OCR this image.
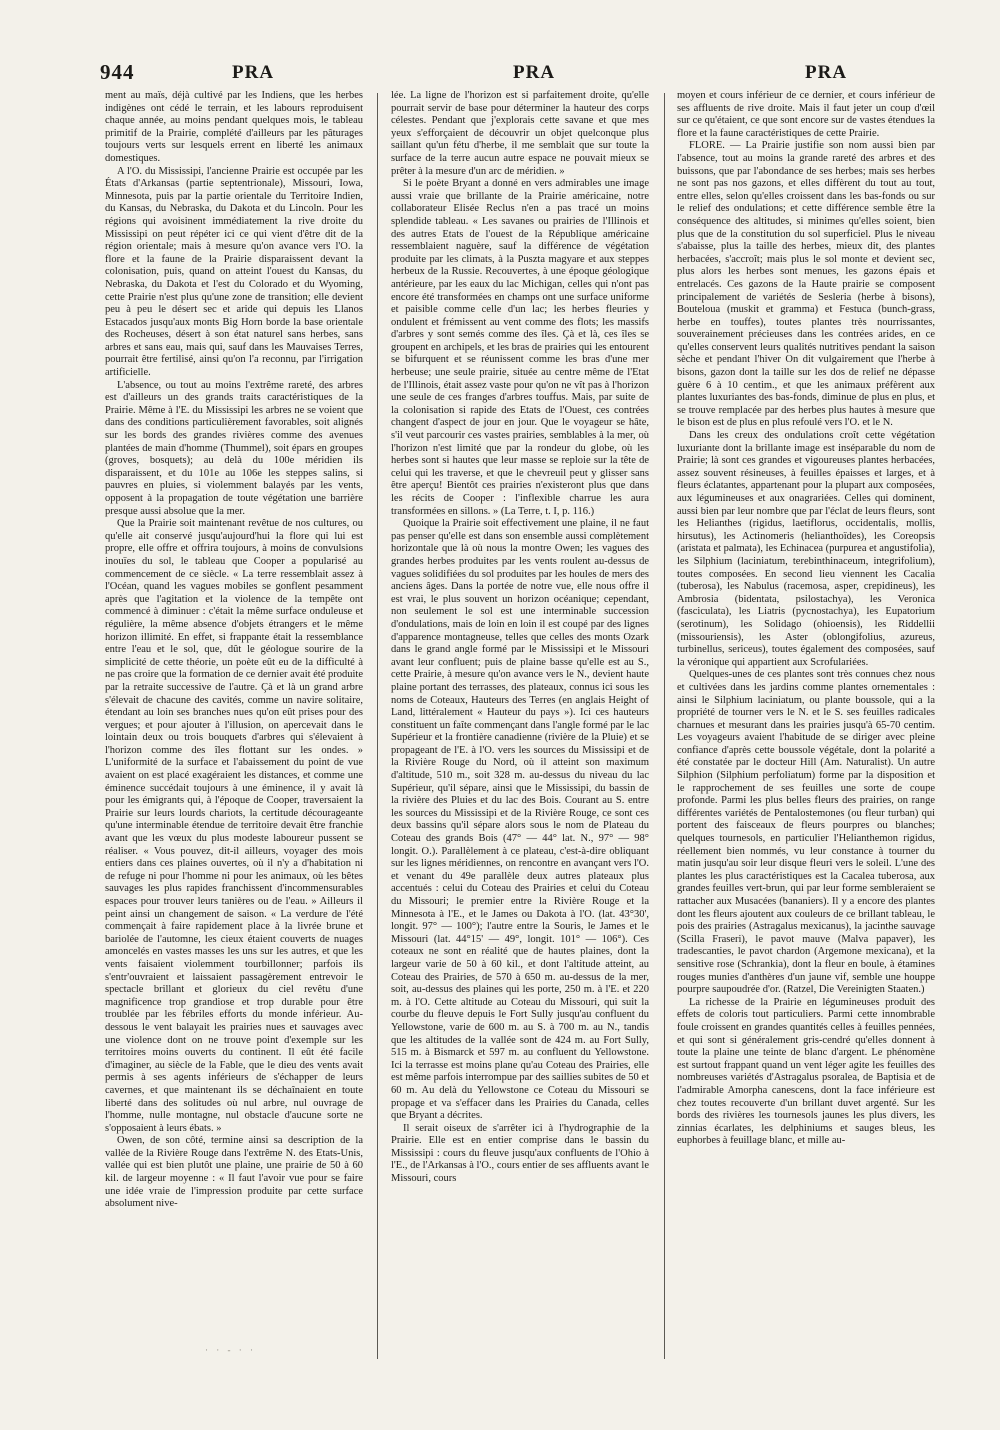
944	PRA	PRA	PRA

ment au maïs, déjà cultivé par les Indiens, que les herbes indigènes ont cédé le terrain, et les labours reproduisent chaque année, au moins pendant quelques mois, le tableau primitif de la Prairie, complété d'ailleurs par les pâturages toujours verts sur lesquels errent en liberté les animaux domestiques.

A l'O. du Mississipi, l'ancienne Prairie est occupée par les États d'Arkansas (partie septentrionale), Missouri, Iowa, Minnesota, puis par la partie orientale du Territoire Indien, du Kansas, du Nebraska, du Dakota et du Lincoln. Pour les régions qui avoisinent immédiatement la rive droite du Mississipi on peut répéter ici ce qui vient d'être dit de la région orientale; mais à mesure qu'on avance vers l'O. la flore et la faune de la Prairie disparaissent devant la colonisation, puis, quand on atteint l'ouest du Kansas, du Nebraska, du Dakota et l'est du Colorado et du Wyoming, cette Prairie n'est plus qu'une zone de transition; elle devient peu à peu le désert sec et aride qui depuis les Llanos Estacados jusqu'aux monts Big Horn borde la base orientale des Rocheuses, désert à son état naturel sans herbes, sans arbres et sans eau, mais qui, sauf dans les Mauvaises Terres, pourrait être fertilisé, ainsi qu'on l'a reconnu, par l'irrigation artificielle.

L'absence, ou tout au moins l'extrême rareté, des arbres est d'ailleurs un des grands traits caractéristiques de la Prairie. Même à l'E. du Mississipi les arbres ne se voient que dans des conditions particulièrement favorables, soit alignés sur les bords des grandes rivières comme des avenues plantées de main d'homme (Thummel), soit épars en groupes (groves, bosquets); au delà du 100e méridien ils disparaissent, et du 101e au 106e les steppes salins, si pauvres en pluies, si violemment balayés par les vents, opposent à la propagation de toute végétation une barrière presque aussi absolue que la mer.

Que la Prairie soit maintenant revêtue de nos cultures, ou qu'elle ait conservé jusqu'aujourd'hui la flore qui lui est propre, elle offre et offrira toujours, à moins de convulsions inouïes du sol, le tableau que Cooper a popularisé au commencement de ce siècle. « La terre ressemblait assez à l'Océan, quand les vagues mobiles se gonflent pesamment après que l'agitation et la violence de la tempête ont commencé à diminuer : c'était la même surface onduleuse et régulière, la même absence d'objets étrangers et le même horizon illimité. En effet, si frappante était la ressemblance entre l'eau et le sol, que, dût le géologue sourire de la simplicité de cette théorie, un poète eût eu de la difficulté à ne pas croire que la formation de ce dernier avait été produite par la retraite successive de l'autre. Çà et là un grand arbre s'élevait de chacune des cavités, comme un navire solitaire, étendant au loin ses branches nues qu'on eût prises pour des vergues; et pour ajouter à l'illusion, on apercevait dans le lointain deux ou trois bouquets d'arbres qui s'élevaient à l'horizon comme des îles flottant sur les ondes. » L'uniformité de la surface et l'abaissement du point de vue avaient on est placé exagéraient les distances, et comme une éminence succédait toujours à une éminence, il y avait là pour les émigrants qui, à l'époque de Cooper, traversaient la Prairie sur leurs lourds chariots, la certitude décourageante qu'une interminable étendue de territoire devait être franchie avant que les vœux du plus modeste laboureur pussent se réaliser. « Vous pouvez, dit-il ailleurs, voyager des mois entiers dans ces plaines ouvertes, où il n'y a d'habitation ni de refuge ni pour l'homme ni pour les animaux, où les bêtes sauvages les plus rapides franchissent d'incommensurables espaces pour trouver leurs tanières ou de l'eau. » Ailleurs il peint ainsi un changement de saison. « La verdure de l'été commençait à faire rapidement place à la livrée brune et bariolée de l'automne, les cieux étaient couverts de nuages amoncelés en vastes masses les uns sur les autres, et que les vents faisaient violemment tourbillonner; parfois ils s'entr'ouvraient et laissaient passagèrement entrevoir le spectacle brillant et glorieux du ciel revêtu d'une magnificence trop grandiose et trop durable pour être troublée par les fébriles efforts du monde inférieur. Au-dessous le vent balayait les prairies nues et sauvages avec une violence dont on ne trouve point d'exemple sur les territoires moins ouverts du continent. Il eût été facile d'imaginer, au siècle de la Fable, que le dieu des vents avait permis à ses agents inférieurs de s'échapper de leurs cavernes, et que maintenant ils se déchaînaient en toute liberté dans des solitudes où nul arbre, nul ouvrage de l'homme, nulle montagne, nul obstacle d'aucune sorte ne s'opposaient à leurs ébats. »

Owen, de son côté, termine ainsi sa description de la vallée de la Rivière Rouge dans l'extrême N. des Etats-Unis, vallée qui est bien plutôt une plaine, une prairie de 50 à 60 kil. de largeur moyenne : « Il faut l'avoir vue pour se faire une idée vraie de l'impression produite par cette surface absolument nive-

lée. La ligne de l'horizon est si parfaitement droite, qu'elle pourrait servir de base pour déterminer la hauteur des corps célestes. Pendant que j'explorais cette savane et que mes yeux s'efforçaient de découvrir un objet quelconque plus saillant qu'un fétu d'herbe, il me semblait que sur toute la surface de la terre aucun autre espace ne pouvait mieux se prêter à la mesure d'un arc de méridien. »

Si le poète Bryant a donné en vers admirables une image aussi vraie que brillante de la Prairie américaine, notre collaborateur Elisée Reclus n'en a pas tracé un moins splendide tableau. « Les savanes ou prairies de l'Illinois et des autres Etats de l'ouest de la République américaine ressemblaient naguère, sauf la différence de végétation produite par les climats, à la Puszta magyare et aux steppes herbeux de la Russie. Recouvertes, à une époque géologique antérieure, par les eaux du lac Michigan, celles qui n'ont pas encore été transformées en champs ont une surface uniforme et paisible comme celle d'un lac; les herbes fleuries y ondulent et frémissent au vent comme des flots; les massifs d'arbres y sont semés comme des îles. Çà et là, ces îles se groupent en archipels, et les bras de prairies qui les entourent se bifurquent et se réunissent comme les bras d'une mer herbeuse; une seule prairie, située au centre même de l'Etat de l'Illinois, était assez vaste pour qu'on ne vît pas à l'horizon une seule de ces franges d'arbres touffus. Mais, par suite de la colonisation si rapide des Etats de l'Ouest, ces contrées changent d'aspect de jour en jour. Que le voyageur se hâte, s'il veut parcourir ces vastes prairies, semblables à la mer, où l'horizon n'est limité que par la rondeur du globe, où les herbes sont si hautes que leur masse se reploie sur la tête de celui qui les traverse, et que le chevreuil peut y glisser sans être aperçu! Bientôt ces prairies n'existeront plus que dans les récits de Cooper : l'inflexible charrue les aura transformées en sillons. » (La Terre, t. I, p. 116.)

Quoique la Prairie soit effectivement une plaine, il ne faut pas penser qu'elle est dans son ensemble aussi complètement horizontale que là où nous la montre Owen; les vagues des grandes herbes produites par les vents roulent au-dessus de vagues solidifiées du sol produites par les houles de mers des anciens âges. Dans la portée de notre vue, elle nous offre il est vrai, le plus souvent un horizon océanique; cependant, non seulement le sol est une interminable succession d'ondulations, mais de loin en loin il est coupé par des lignes d'apparence montagneuse, telles que celles des monts Ozark dans le grand angle formé par le Mississipi et le Missouri avant leur confluent; puis de plaine basse qu'elle est au S., cette Prairie, à mesure qu'on avance vers le N., devient haute plaine portant des terrasses, des plateaux, connus ici sous les noms de Coteaux, Hauteurs des Terres (en anglais Height of Land, littéralement « Hauteur du pays »). Ici ces hauteurs constituent un faîte commençant dans l'angle formé par le lac Supérieur et la frontière canadienne (rivière de la Pluie) et se propageant de l'E. à l'O. vers les sources du Mississipi et de la Rivière Rouge du Nord, où il atteint son maximum d'altitude, 510 m., soit 328 m. au-dessus du niveau du lac Supérieur, qu'il sépare, ainsi que le Mississipi, du bassin de la rivière des Pluies et du lac des Bois. Courant au S. entre les sources du Mississipi et de la Rivière Rouge, ce sont ces deux bassins qu'il sépare alors sous le nom de Plateau du Coteau des grands Bois (47° — 44° lat. N., 97° — 98° longit. O.). Parallèlement à ce plateau, c'est-à-dire obliquant sur les lignes méridiennes, on rencontre en avançant vers l'O. et venant du 49e parallèle deux autres plateaux plus accentués : celui du Coteau des Prairies et celui du Coteau du Missouri; le premier entre la Rivière Rouge et la Minnesota à l'E., et le James ou Dakota à l'O. (lat. 43°30', longit. 97° — 100°); l'autre entre la Souris, le James et le Missouri (lat. 44°15' — 49°, longit. 101° — 106°). Ces coteaux ne sont en réalité que de hautes plaines, dont la largeur varie de 50 à 60 kil., et dont l'altitude atteint, au Coteau des Prairies, de 570 à 650 m. au-dessus de la mer, soit, au-dessus des plaines qui les porte, 250 m. à l'E. et 220 m. à l'O. Cette altitude au Coteau du Missouri, qui suit la courbe du fleuve depuis le Fort Sully jusqu'au confluent du Yellowstone, varie de 600 m. au S. à 700 m. au N., tandis que les altitudes de la vallée sont de 424 m. au Fort Sully, 515 m. à Bismarck et 597 m. au confluent du Yellowstone. Ici la terrasse est moins plane qu'au Coteau des Prairies, elle est même parfois interrompue par des saillies subites de 50 et 60 m. Au delà du Yellowstone ce Coteau du Missouri se propage et va s'effacer dans les Prairies du Canada, celles que Bryant a décrites.

Il serait oiseux de s'arrêter ici à l'hydrographie de la Prairie. Elle est en entier comprise dans le bassin du Mississipi : cours du fleuve jusqu'aux confluents de l'Ohio à l'E., de l'Arkansas à l'O., cours entier de ses affluents avant le Missouri, cours

moyen et cours inférieur de ce dernier, et cours inférieur de ses affluents de rive droite. Mais il faut jeter un coup d'œil sur ce qu'étaient, ce que sont encore sur de vastes étendues la flore et la faune caractéristiques de cette Prairie.

FLORE. — La Prairie justifie son nom aussi bien par l'absence, tout au moins la grande rareté des arbres et des buissons, que par l'abondance de ses herbes; mais ses herbes ne sont pas nos gazons, et elles diffèrent du tout au tout, entre elles, selon qu'elles croissent dans les bas-fonds ou sur le relief des ondulations; et cette différence semble être la conséquence des altitudes, si minimes qu'elles soient, bien plus que de la constitution du sol superficiel. Plus le niveau s'abaisse, plus la taille des herbes, mieux dit, des plantes herbacées, s'accroît; mais plus le sol monte et devient sec, plus alors les herbes sont menues, les gazons épais et entrelacés. Ces gazons de la Haute prairie se composent principalement de variétés de Sesleria (herbe à bisons), Bouteloua (muskit et gramma) et Festuca (bunch-grass, herbe en touffes), toutes plantes très nourrissantes, souverainement précieuses dans les contrées arides, en ce qu'elles conservent leurs qualités nutritives pendant la saison sèche et pendant l'hiver On dit vulgairement que l'herbe à bisons, gazon dont la taille sur les dos de relief ne dépasse guère 6 à 10 centim., et que les animaux préfèrent aux plantes luxuriantes des bas-fonds, diminue de plus en plus, et se trouve remplacée par des herbes plus hautes à mesure que le bison est de plus en plus refoulé vers l'O. et le N.

Dans les creux des ondulations croît cette végétation luxuriante dont la brillante image est inséparable du nom de Prairie; là sont ces grandes et vigoureuses plantes herbacées, assez souvent résineuses, à feuilles épaisses et larges, et à fleurs éclatantes, appartenant pour la plupart aux composées, aux légumineuses et aux onagrariées. Celles qui dominent, aussi bien par leur nombre que par l'éclat de leurs fleurs, sont les Helianthes (rigidus, laetiflorus, occidentalis, mollis, hirsutus), les Actinomeris (helianthoïdes), les Coreopsis (aristata et palmata), les Echinacea (purpurea et angustifolia), les Silphium (laciniatum, terebinthinaceum, integrifolium), toutes composées. En second lieu viennent les Cacalia (tuberosa), les Nabulus (racemosa, asper, crepidineus), les Ambrosia (bidentata, psilostachya), les Veronica (fasciculata), les Liatris (pycnostachya), les Eupatorium (serotinum), les Solidago (ohioensis), les Riddellii (missouriensis), les Aster (oblongifolius, azureus, turbinellus, sericeus), toutes également des composées, sauf la véronique qui appartient aux Scrofulariées.

Quelques-unes de ces plantes sont très connues chez nous et cultivées dans les jardins comme plantes ornementales : ainsi le Silphium laciniatum, ou plante boussole, qui a la propriété de tourner vers le N. et le S. ses feuilles radicales charnues et mesurant dans les prairies jusqu'à 65-70 centim. Les voyageurs avaient l'habitude de se diriger avec pleine confiance d'après cette boussole végétale, dont la polarité a été constatée par le docteur Hill (Am. Naturalist). Un autre Silphion (Silphium perfoliatum) forme par la disposition et le rapprochement de ses feuilles une sorte de coupe profonde. Parmi les plus belles fleurs des prairies, on range différentes variétés de Pentalostemones (ou fleur turban) qui portent des faisceaux de fleurs pourpres ou blanches; quelques tournesols, en particulier l'Helianthemon rigidus, réellement bien nommés, vu leur constance à tourner du matin jusqu'au soir leur disque fleuri vers le soleil. L'une des plantes les plus caractéristiques est la Cacalea tuberosa, aux grandes feuilles vert-brun, qui par leur forme sembleraient se rattacher aux Musacées (bananiers). Il y a encore des plantes dont les fleurs ajoutent aux couleurs de ce brillant tableau, le pois des prairies (Astragalus mexicanus), la jacinthe sauvage (Scilla Fraseri), le pavot mauve (Malva papaver), les tradescanties, le pavot chardon (Argemone mexicana), et la sensitive rose (Schrankia), dont la fleur en boule, à étamines rouges munies d'anthères d'un jaune vif, semble une houppe pourpre saupoudrée d'or. (Ratzel, Die Vereinigten Staaten.)

La richesse de la Prairie en légumineuses produit des effets de coloris tout particuliers. Parmi cette innombrable foule croissent en grandes quantités celles à feuilles pennées, et qui sont si généralement gris-cendré qu'elles donnent à toute la plaine une teinte de blanc d'argent. Le phénomène est surtout frappant quand un vent léger agite les feuilles des nombreuses variétés d'Astragalus psoralea, de Baptisia et de l'admirable Amorpha canescens, dont la face inférieure est chez toutes recouverte d'un brillant duvet argenté. Sur les bords des rivières les tournesols jaunes les plus divers, les zinnias écarlates, les delphiniums et sauges bleus, les euphorbes à feuillage blanc, et mille au-

· · - · ·
